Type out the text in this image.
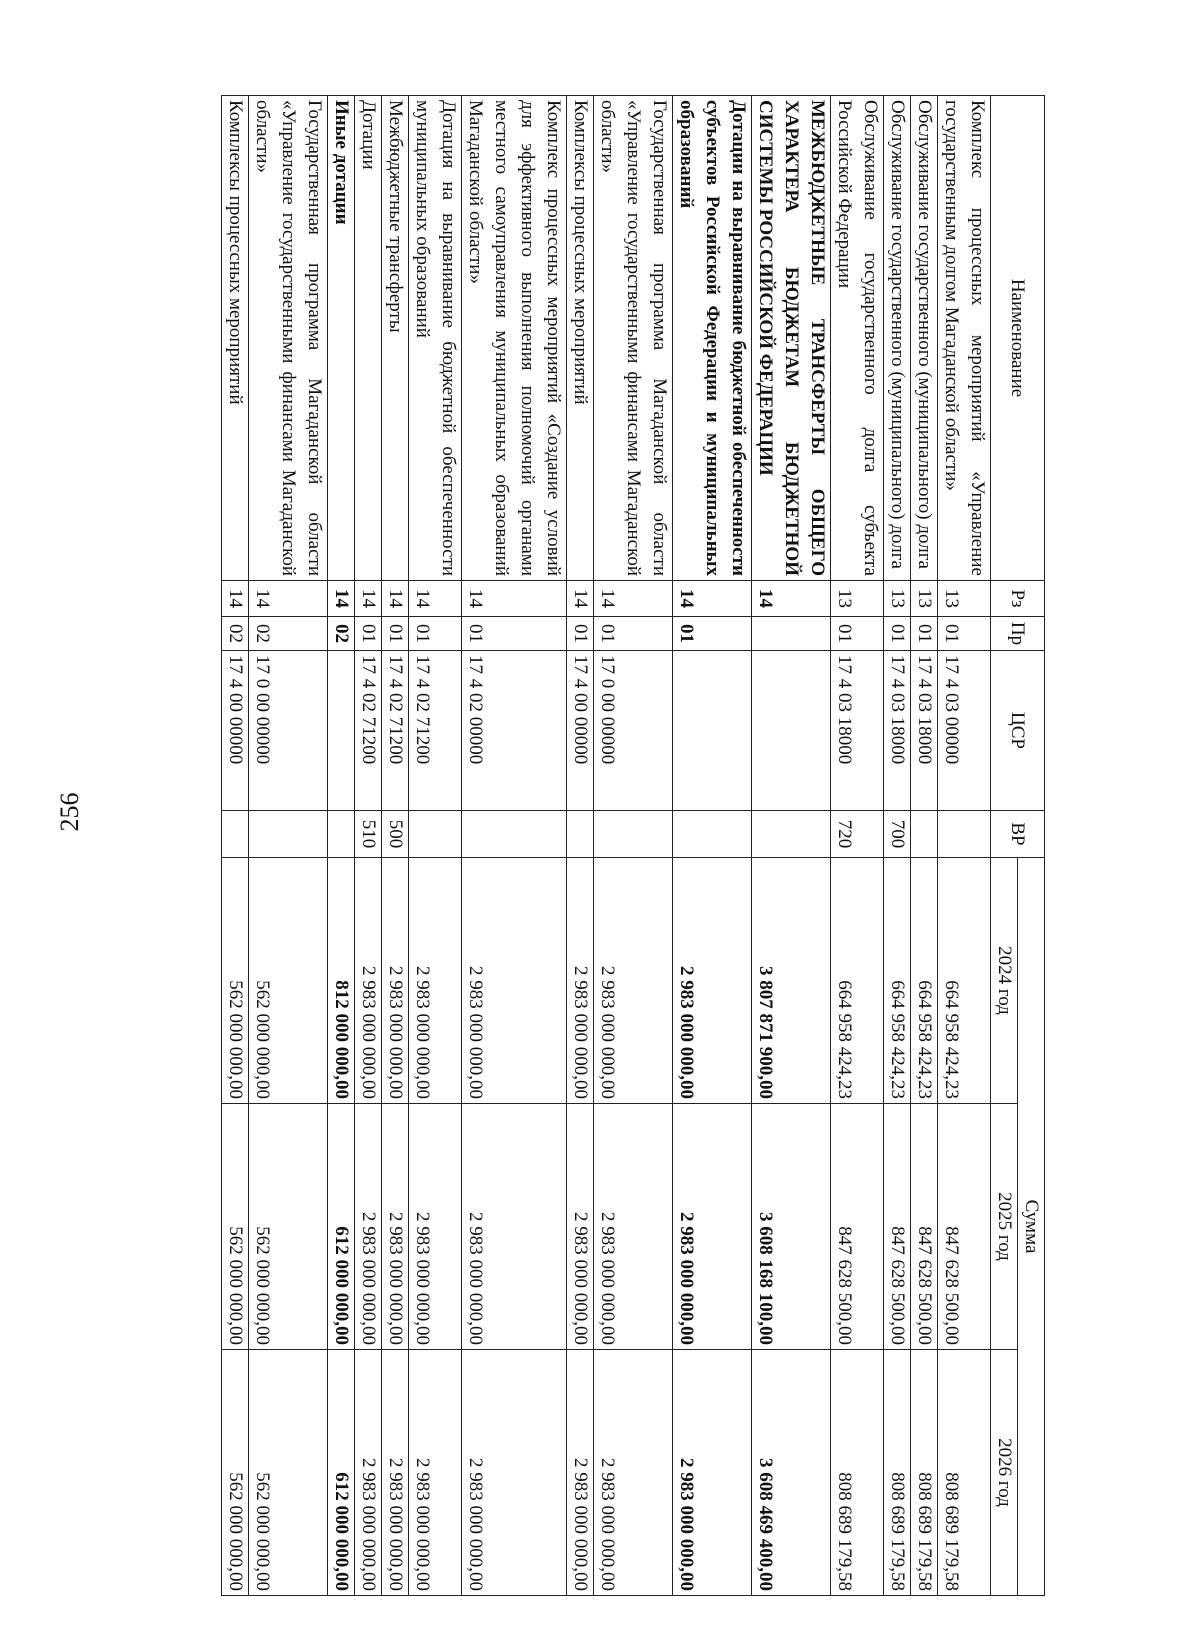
256
Наименование	Рз	Пр	ЦСР	ВР	Сумма		
					2024 год	2025 год	2026 год
Комплекс процессных мероприятий «Управление государственным долгом Магаданской области»	13	01	17 4 03 00000		664 958 424,23	847 628 500,00	808 689 179,58
Обслуживание государственного (муниципального) долга	13	01	17 4 03 18000		664 958 424,23	847 628 500,00	808 689 179,58
Обслуживание государственного (муниципального) долга	13	01	17 4 03 18000	700	664 958 424,23	847 628 500,00	808 689 179,58
Обслуживание государственного долга субъекта Российской Федерации	13	01	17 4 03 18000	720	664 958 424,23	847 628 500,00	808 689 179,58
МЕЖБЮДЖЕТНЫЕ ТРАНСФЕРТЫ ОБЩЕГО ХАРАКТЕРА БЮДЖЕТАМ БЮДЖЕТНОЙ СИСТЕМЫ РОССИЙСКОЙ ФЕДЕРАЦИИ	14				3 807 871 900,00	3 608 168 100,00	3 608 469 400,00
Дотации на выравнивание бюджетной обеспеченности субъектов Российской Федерации и муниципальных образований	14	01			2 983 000 000,00	2 983 000 000,00	2 983 000 000,00
Государственная программа Магаданской области «Управление государственными финансами Магаданской области»	14	01	17 0 00 00000		2 983 000 000,00	2 983 000 000,00	2 983 000 000,00
Комплексы процессных мероприятий	14	01	17 4 00 00000		2 983 000 000,00	2 983 000 000,00	2 983 000 000,00
Комплекс процессных мероприятий «Создание условий для эффективного выполнения полномочий органами местного самоуправления муниципальных образований Магаданской области»	14	01	17 4 02 00000		2 983 000 000,00	2 983 000 000,00	2 983 000 000,00
Дотация на выравнивание бюджетной обеспеченности муниципальных образований	14	01	17 4 02 71200		2 983 000 000,00	2 983 000 000,00	2 983 000 000,00
Межбюджетные трансферты	14	01	17 4 02 71200	500	2 983 000 000,00	2 983 000 000,00	2 983 000 000,00
Дотации	14	01	17 4 02 71200	510	2 983 000 000,00	2 983 000 000,00	2 983 000 000,00
Иные дотации	14	02			812 000 000,00	612 000 000,00	612 000 000,00
Государственная программа Магаданской области «Управление государственными финансами Магаданской области»	14	02	17 0 00 00000		562 000 000,00	562 000 000,00	562 000 000,00
Комплексы процессных мероприятий	14	02	17 4 00 00000		562 000 000,00	562 000 000,00	562 000 000,00
